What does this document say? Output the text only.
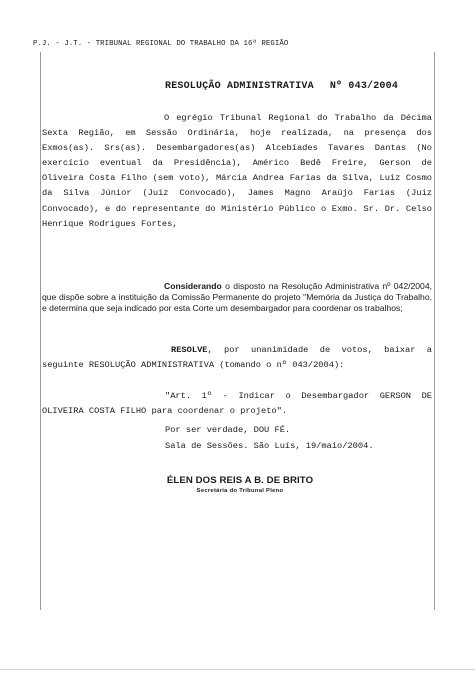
P.J. - J.T. - TRIBUNAL REGIONAL DO TRABALHO DA 16ª REGIÃO
RESOLUÇÃO ADMINISTRATIVA Nº 043/2004

O egrégio Tribunal Regional do Trabalho da Décima Sexta Região, em Sessão Ordinária, hoje realizada, na presença dos Exmos(as). Srs(as). Desembargadores(as) Alcebíades Tavares Dantas (No exercício eventual da Presidência), Américo Bedê Freire, Gerson de Oliveira Costa Filho (sem voto), Márcia Andrea Farias da Silva, Luiz Cosmo da Silva Júnior (Juiz Convocado), James Magno Araújo Farias (Juiz Convocado), e do representante do Ministério Público o Exmo. Sr. Dr. Celso Henrique Rodrigues Fortes,

Considerando o disposto na Resolução Administrativa nº 042/2004, que dispõe sobre a instituição da Comissão Permanente do projeto "Memória da Justiça do Trabalho, e determina que seja indicado por esta Corte um desembargador para coordenar os trabalhos;

RESOLVE, por unanimidade de votos, baixar a seguinte RESOLUÇÃO ADMINISTRATIVA (tomando o nº 043/2004):

"Art. 1º - Indicar o Desembargador GERSON DE OLIVEIRA COSTA FILHO para coordenar o projeto".

Por ser verdade, DOU FÉ.
Sala de Sessões. São Luís, 19/maio/2004.
ÉLEN DOS REIS A B. DE BRITO
Secretária do Tribunal Pleno
